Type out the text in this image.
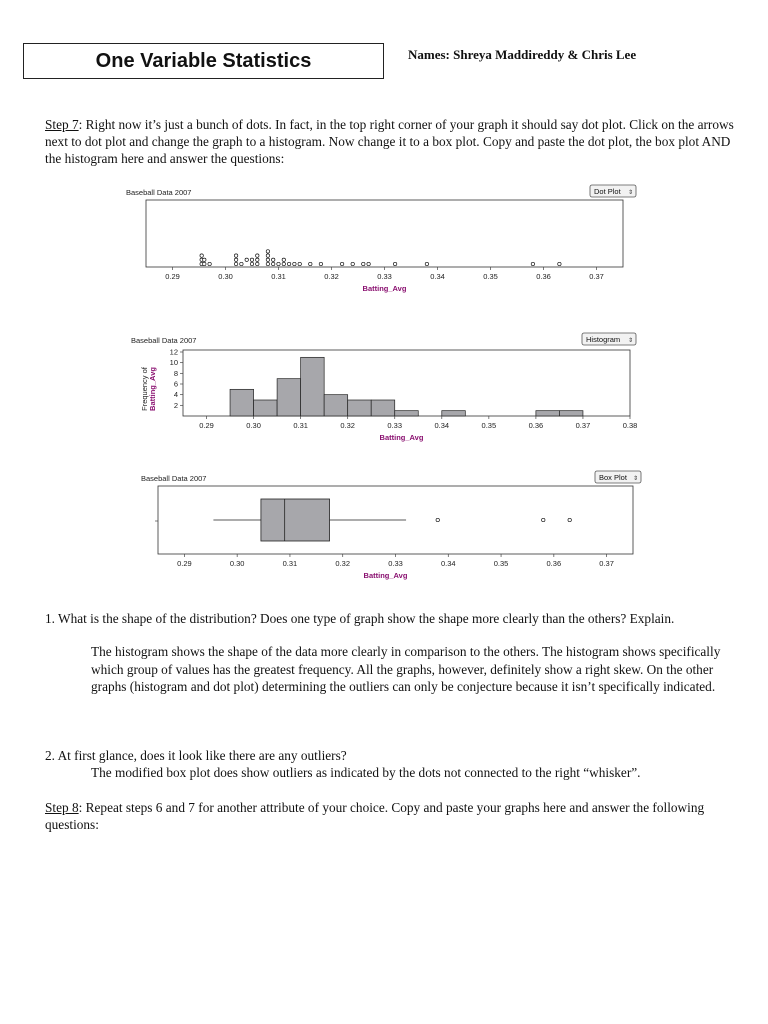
One Variable Statistics	Names: Shreya Maddireddy & Chris Lee
Step 7: Right now it’s just a bunch of dots. In fact, in the top right corner of your graph it should say dot plot. Click on the arrows next to dot plot and change the graph to a histogram. Now change it to a box plot. Copy and paste the dot plot, the box plot AND the histogram here and answer the questions:
Baseball Data 2007	Dot Plot ⇕
0.29	0.30	0.31	0.32	0.33	0.34	0.35	0.36	0.37
Batting_Avg
Baseball Data 2007	Histogram ⇕
2
4
6
8
10
12
0.29	0.30	0.31	0.32	0.33	0.34	0.35	0.36	0.37	0.38
Frequency ofBatting_Avg
Batting_Avg
Baseball Data 2007	Box Plot ⇕
0.29	0.30	0.31	0.32	0.33	0.34	0.35	0.36	0.37
Batting_Avg
1. What is the shape of the distribution? Does one type of graph show the shape more clearly than the others? Explain.
The histogram shows the shape of the data more clearly in comparison to the others. The histogram shows specifically which group of values has the greatest frequency. All the graphs, however, definitely show a right skew. On the other graphs (histogram and dot plot) determining the outliers can only be conjecture because it isn’t specifically indicated.
2. At first glance, does it look like there are any outliers?
The modified box plot does show outliers as indicated by the dots not connected to the right “whisker”.
Step 8: Repeat steps 6 and 7 for another attribute of your choice. Copy and paste your graphs here and answer the following questions:
